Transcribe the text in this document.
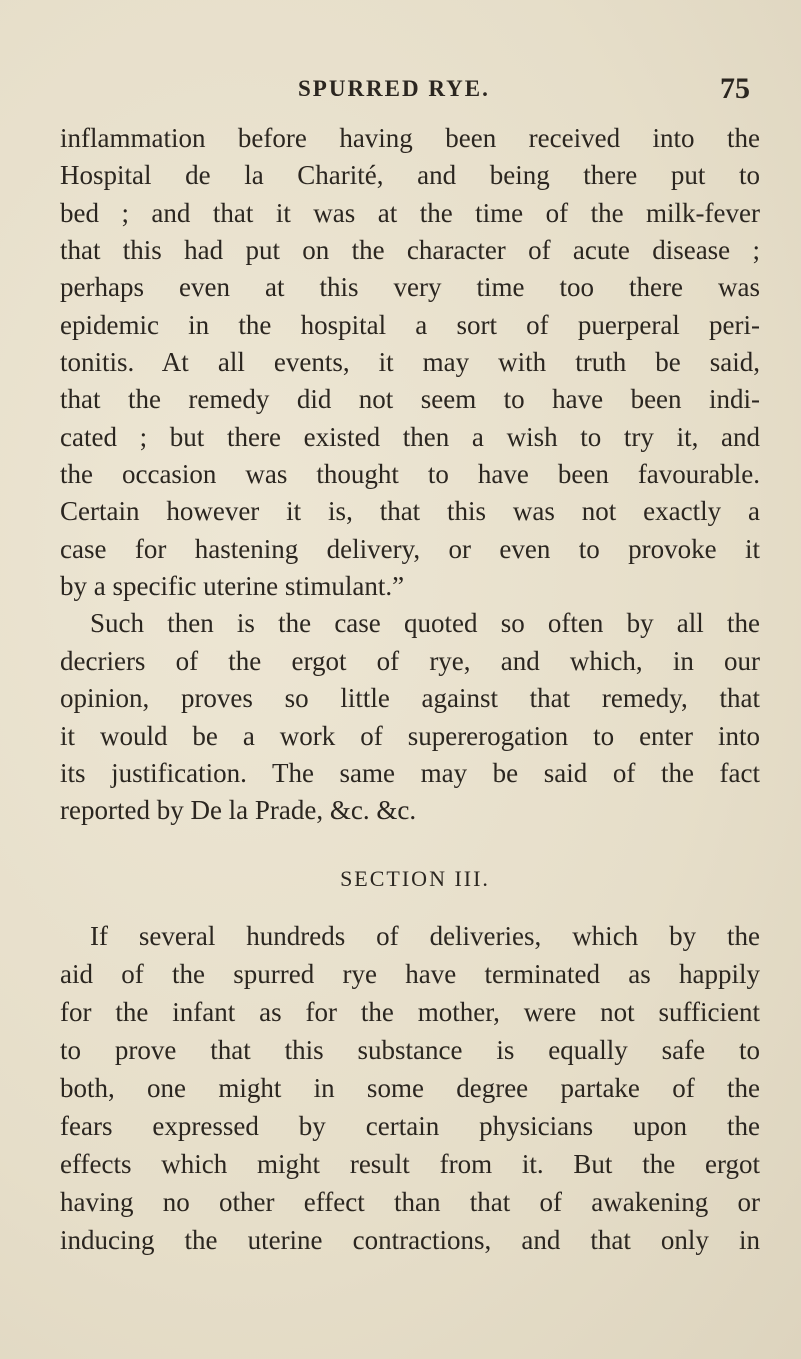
SPURRED RYE.	75
inflammation before having been received into the
Hospital de la Charité, and being there put to
bed ; and that it was at the time of the milk-fever
that this had put on the character of acute disease ;
perhaps even at this very time too there was
epidemic in the hospital a sort of puerperal peri-
tonitis. At all events, it may with truth be said,
that the remedy did not seem to have been indi-
cated ; but there existed then a wish to try it, and
the occasion was thought to have been favourable.
Certain however it is, that this was not exactly a
case for hastening delivery, or even to provoke it
by a specific uterine stimulant.”
Such then is the case quoted so often by all the
decriers of the ergot of rye, and which, in our
opinion, proves so little against that remedy, that
it would be a work of supererogation to enter into
its justification. The same may be said of the fact
reported by De la Prade, &c. &c.
SECTION III.
If several hundreds of deliveries, which by the
aid of the spurred rye have terminated as happily
for the infant as for the mother, were not sufficient
to prove that this substance is equally safe to
both, one might in some degree partake of the
fears expressed by certain physicians upon the
effects which might result from it. But the ergot
having no other effect than that of awakening or
inducing the uterine contractions, and that only in
